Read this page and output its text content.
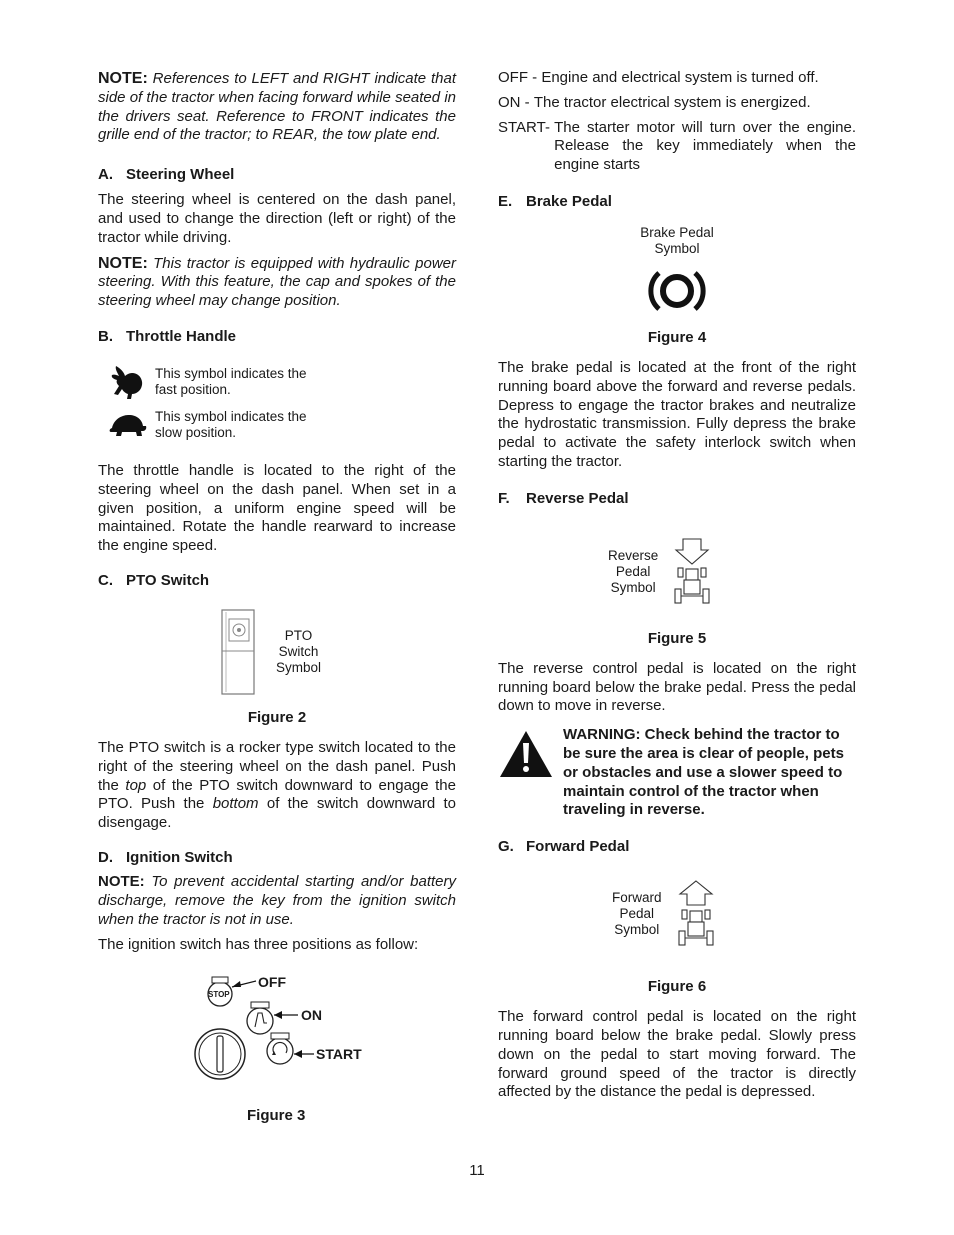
NOTE: References to LEFT and RIGHT indicate that side of the tractor when facing forward while seated in the drivers seat. Reference to FRONT indicates the grille end of the tractor; to REAR, the tow plate end.

A. Steering Wheel

The steering wheel is centered on the dash panel, and used to change the direction (left or right) of the tractor while driving.

NOTE: This tractor is equipped with hydraulic power steering. With this feature, the cap and spokes of the steering wheel may change position.

B. Throttle Handle
This symbol indicates the fast position.
This symbol indicates the slow position.

The throttle handle is located to the right of the steering wheel on the dash panel. When set in a given position, a uniform engine speed will be maintained. Rotate the handle rearward to increase the engine speed.

C. PTO Switch
PTO
Switch
Symbol
Figure 2

The PTO switch is a rocker type switch located to the right of the steering wheel on the dash panel. Push the top of the PTO switch downward to engage the PTO. Push the bottom of the switch downward to disengage.

D. Ignition Switch

NOTE: To prevent accidental starting and/or battery discharge, remove the key from the ignition switch when the tractor is not in use.

The ignition switch has three positions as follow:

STOP
OFF
ON
START
Figure 3
OFF - Engine and electrical system is turned off.
ON - The tractor electrical system is energized.
START- The starter motor will turn over the engine. Release the key immediately when the engine starts
E. Brake Pedal
Brake Pedal
Symbol
Figure 4

The brake pedal is located at the front of the right running board above the forward and reverse pedals. Depress to engage the tractor brakes and neutralize the hydrostatic transmission. Fully depress the brake pedal to activate the safety interlock switch when starting the tractor.

F. Reverse Pedal
Reverse
Pedal
Symbol
Figure 5

The reverse control pedal is located on the right running board below the brake pedal. Press the pedal down to move in reverse.

WARNING: Check behind the tractor to be sure the area is clear of people, pets or obstacles and use a slower speed to maintain control of the tractor when traveling in reverse.
G. Forward Pedal
Forward
Pedal
Symbol
Figure 6

The forward control pedal is located on the right running board below the brake pedal. Slowly press down on the pedal to start moving forward. The forward ground speed of the tractor is directly affected by the distance the pedal is depressed.

11
